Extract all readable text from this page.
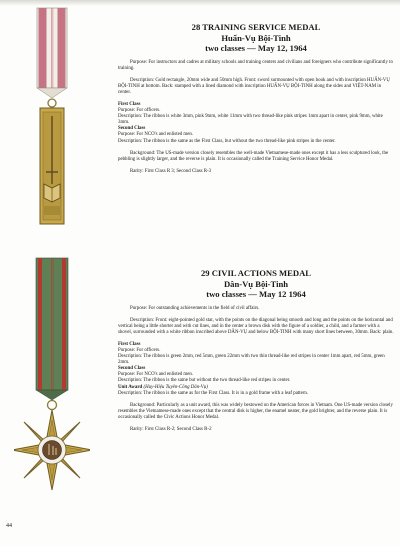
28 TRAINING SERVICE MEDAL
Huấn-Vụ Bội-Tinh
two classes — May 12, 1964

Purpose: For instructors and cadres at military schools and training centers and civilians and foreigners who contribute significantly to training.

Description: Gold rectangle, 20mm wide and 50mm high. Front: sword surmounted with open book and with inscription HUẤN-VỤ BỘI-TINH at bottom. Back: stamped with a lined diamond with inscription HUẤN-VỤ BỘI-TINH along the sides and VIỆT-NAM in center.

First Class

Purpose: For officers.

Description: The ribbon is white 3mm, pink 9mm, white 11mm with two thread-like pink stripes 1mm apart in center, pink 9mm, white 3mm.

Second Class

Purpose: For NCO's and enlisted men.

Description: The ribbon is the same as the First Class, but without the two thread-like pink stripes in the center.

Background: The US-made version closely resembles the well-made Vietnamese-made ones except it has a less sculptured look, the pebbling is slightly larger, and the reverse is plain. It is occasionally called the Training Service Honor Medal.

Rarity: First Class R 3; Second Class R-3

29 CIVIL ACTIONS MEDAL
Dân-Vụ Bội-Tinh
two classes — May 12 1964

Purpose: For outstanding achievements in the field of civil affairs.

Description: Front: eight-pointed gold star, with the points on the diagonal being smooth and long and the points on the horizontal and vertical being a little shorter and with cut lines, and in the center a brown disk with the figure of a soldier, a child, and a farmer with a shovel, surrounded with a white ribbon inscribed above DÂN-VỤ and below BỘI-TINH with many short lines between, 30mm. Back: plain.

First Class

Purpose: For officers.

Description: The ribbon is green 2mm, red 5mm, green 22mm with two thin thread-like red stripes in center 1mm apart, red 5mm, green 2mm.

Second Class

Purpose: For NCO's and enlisted men.

Description: The ribbon is the same but without the two thread-like red stripes in center.

Unit Award (Huy-Hiệu Tuyên-Công Dân-Vụ)

Description: The ribbon is the same as for the First Class. It is in a gold frame with a leaf pattern.

Background: Particularly as a unit award, this was widely bestowed on the American forces in Vietnam. One US-made version closely resembles the Vietnamese-made ones except that the central disk is higher, the enamel neater, the gold brighter, and the reverse plain. It is occasionally called the Civic Actions Honor Medal.

Rarity: First Class R-2; Second Class R-2

44
